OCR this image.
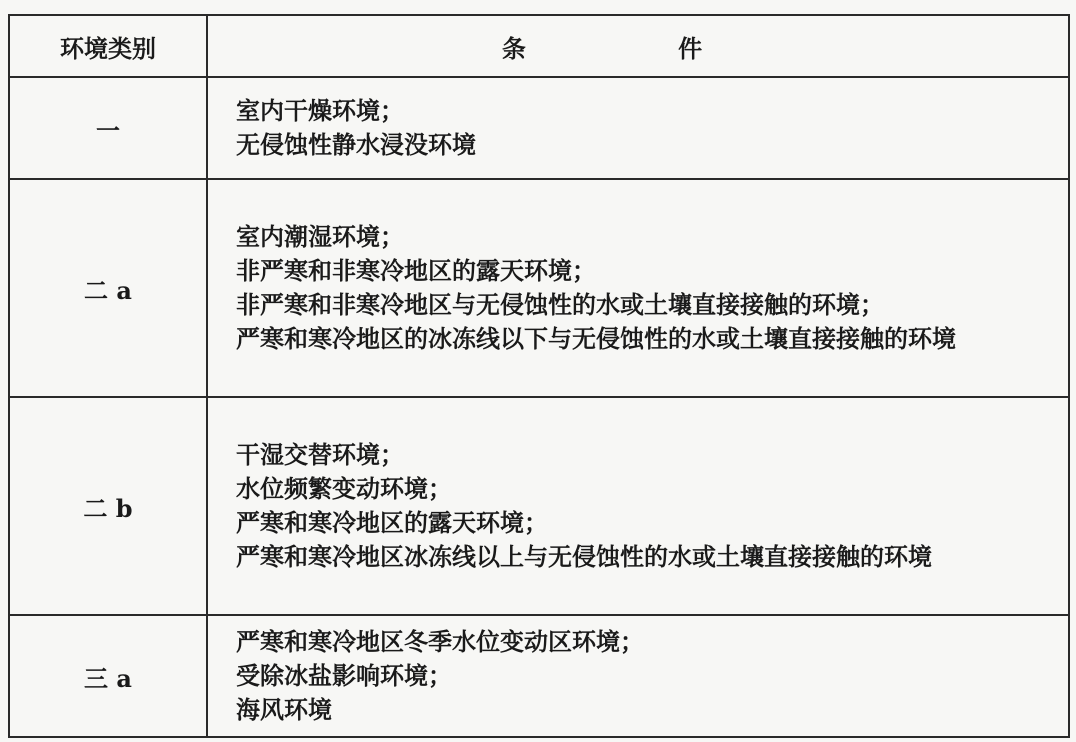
环境类别	条 件
一	室内干燥环境；
无侵蚀性静水浸没环境

二 a	室内潮湿环境；
非严寒和非寒冷地区的露天环境；
非严寒和非寒冷地区与无侵蚀性的水或土壤直接接触的环境；
严寒和寒冷地区的冰冻线以下与无侵蚀性的水或土壤直接接触的环境

二 b	干湿交替环境；
水位频繁变动环境；
严寒和寒冷地区的露天环境；
严寒和寒冷地区冰冻线以上与无侵蚀性的水或土壤直接接触的环境

三 a	严寒和寒冷地区冬季水位变动区环境；
受除冰盐影响环境；
海风环境
